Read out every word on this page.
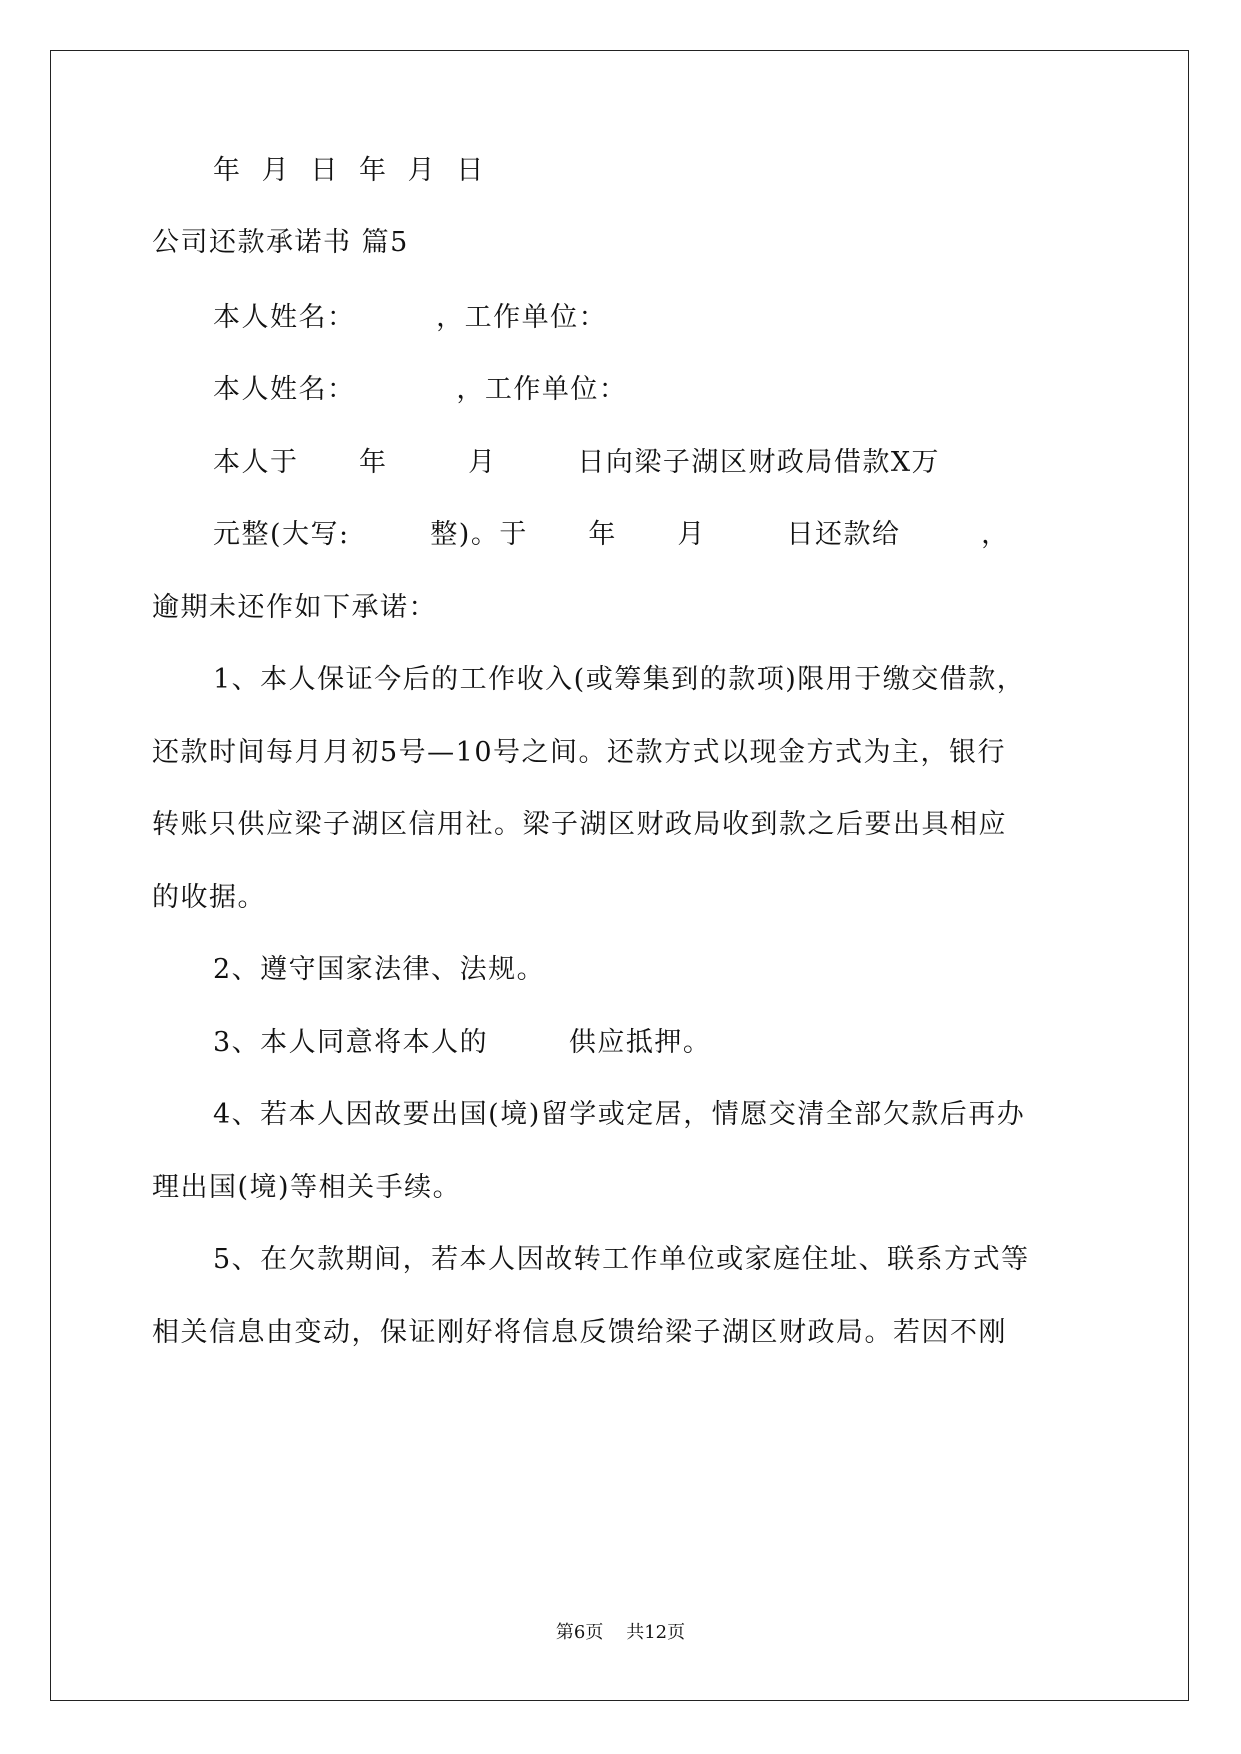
年  月  日  年  月  日
公司还款承诺书 篇5
本人姓名：        ，工作单位：
本人姓名：          ，工作单位：
本人于      年        月        日向梁子湖区财政局借款X万
元整(大写:        整)。于      年      月        日还款给        ，
逾期未还作如下承诺：
1、本人保证今后的工作收入(或筹集到的款项)限用于缴交借款，
还款时间每月月初5号—10号之间。还款方式以现金方式为主，银行
转账只供应梁子湖区信用社。梁子湖区财政局收到款之后要出具相应
的收据。
2、遵守国家法律、法规。
3、本人同意将本人的        供应抵押。
4、若本人因故要出国(境)留学或定居，情愿交清全部欠款后再办
理出国(境)等相关手续。
5、在欠款期间，若本人因故转工作单位或家庭住址、联系方式等
相关信息由变动，保证刚好将信息反馈给梁子湖区财政局。若因不刚
第6页    共12页
